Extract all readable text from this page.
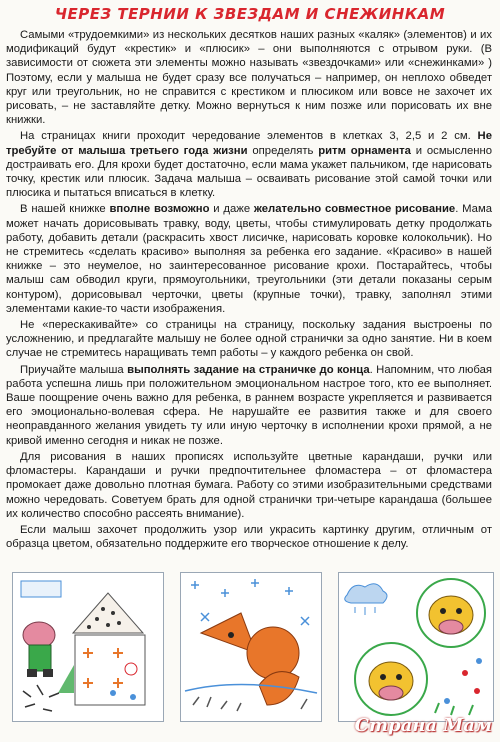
ЧЕРЕЗ ТЕРНИИ К ЗВЕЗДАМ И СНЕЖИНКАМ

Самыми «трудоемкими» из нескольких десятков наших разных «каляк» (элементов) и их модификаций будут «крестик» и «плюсик» – они выполняются с отрывом руки. (В зависимости от сюжета эти элементы можно называть «звездочками» или «снежинками» ) Поэтому, если у малыша не будет сразу все получаться – например, он неплохо обведет круг или треугольник, но не справится с крестиком и плюсиком или вовсе не захочет их рисовать, – не заставляйте детку. Можно вернуться к ним позже или порисовать их вне книжки.

На страницах книги проходит чередование элементов в клетках 3, 2,5 и 2 см. Не требуйте от малыша третьего года жизни определять ритм орнамента и осмысленно достраивать его. Для крохи будет достаточно, если мама укажет пальчиком, где нарисовать точку, крестик или плюсик. Задача малыша – осваивать рисование этой самой точки или плюсика и пытаться вписаться в клетку.

В нашей книжке вполне возможно и даже желательно совместное рисование. Мама может начать дорисовывать травку, воду, цветы, чтобы стимулировать детку продолжать работу, добавить детали (раскрасить хвост лисичке, нарисовать коровке колокольчик). Но не стремитесь «сделать красиво» выполняя за ребенка его задание. «Красиво» в нашей книжке – это неумелое, но заинтересованное рисование крохи. Постарайтесь, чтобы малыш сам обводил круги, прямоугольники, треугольники (эти детали показаны серым контуром), дорисовывал черточки, цветы (крупные точки), травку, заполнял этими элементами какие-то части изображения.

Не «перескакивайте» со страницы на страницу, поскольку задания выстроены по усложнению, и предлагайте малышу не более одной странички за одно занятие. Ни в коем случае не стремитесь наращивать темп работы – у каждого ребенка он свой.

Приучайте малыша выполнять задание на страничке до конца. Напомним, что любая работа успешна лишь при положительном эмоциональном настрое того, кто ее выполняет. Ваше поощрение очень важно для ребенка, в раннем возрасте укрепляется и развивается его эмоционально-волевая сфера. Не нарушайте ее развития также и для своего неоправданного желания увидеть ту или иную черточку в исполнении крохи прямой, а не кривой именно сегодня и никак не позже.

Для рисования в наших прописях используйте цветные карандаши, ручки или фломастеры. Карандаши и ручки предпочтительнее фломастера – от фломастера промокает даже довольно плотная бумага. Работу со этими изобразительными средствами можно чередовать. Советуем брать для одной странички три-четыре карандаша (большее их количество способно рассеять внимание).

Если малыш захочет продолжить узор или украсить картинку другим, отличным от образца цветом, обязательно поддержите его творческое отношение к делу.

Страна Мам
